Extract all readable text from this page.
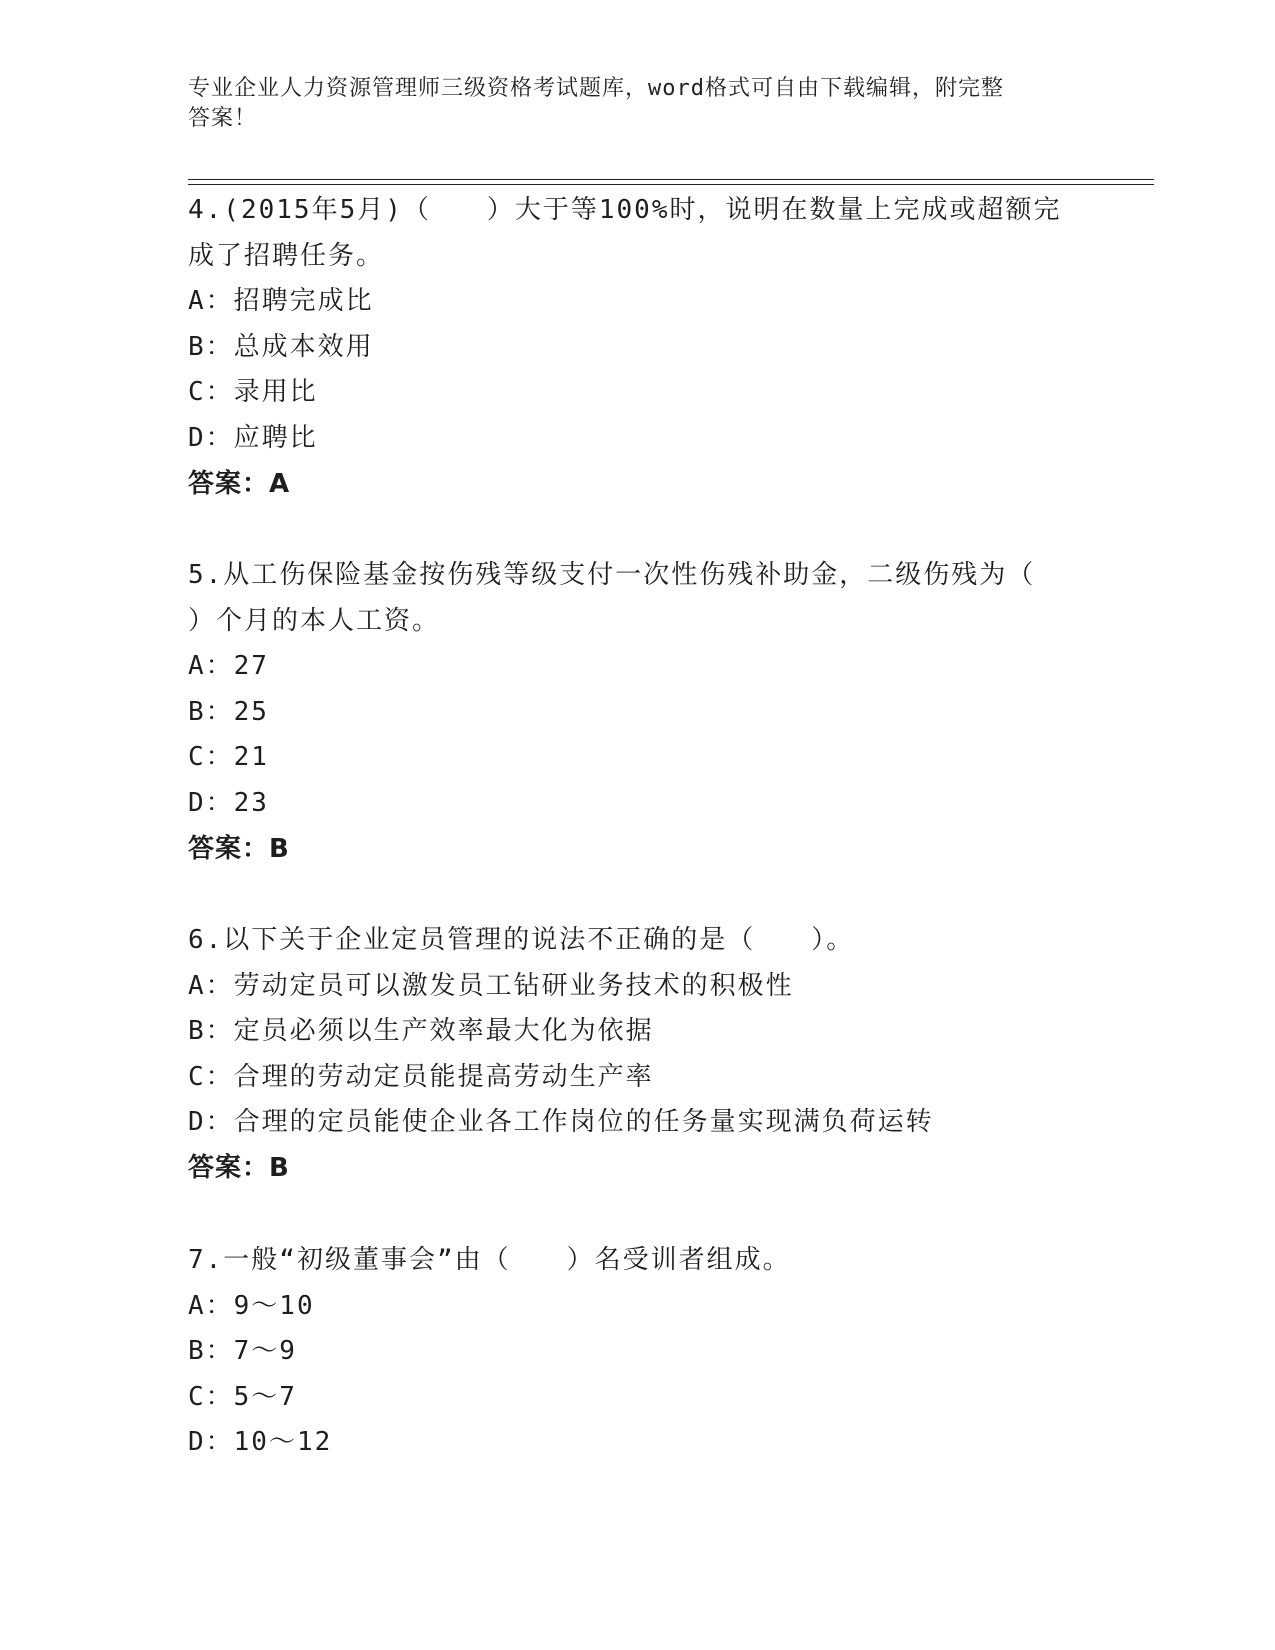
专业企业人力资源管理师三级资格考试题库，word格式可自由下载编辑，附完整
答案！
4.(2015年5月)（　　）大于等100%时，说明在数量上完成或超额完
成了招聘任务。
A：招聘完成比
B：总成本效用
C：录用比
D：应聘比
答案：A
5.从工伤保险基金按伤残等级支付一次性伤残补助金，二级伤残为（
）个月的本人工资。
A：27
B：25
C：21
D：23
答案：B
6.以下关于企业定员管理的说法不正确的是（　　）。
A：劳动定员可以激发员工钻研业务技术的积极性
B：定员必须以生产效率最大化为依据
C：合理的劳动定员能提高劳动生产率
D：合理的定员能使企业各工作岗位的任务量实现满负荷运转
答案：B
7.一般“初级董事会”由（　　）名受训者组成。
A：9～10
B：7～9
C：5～7
D：10～12
